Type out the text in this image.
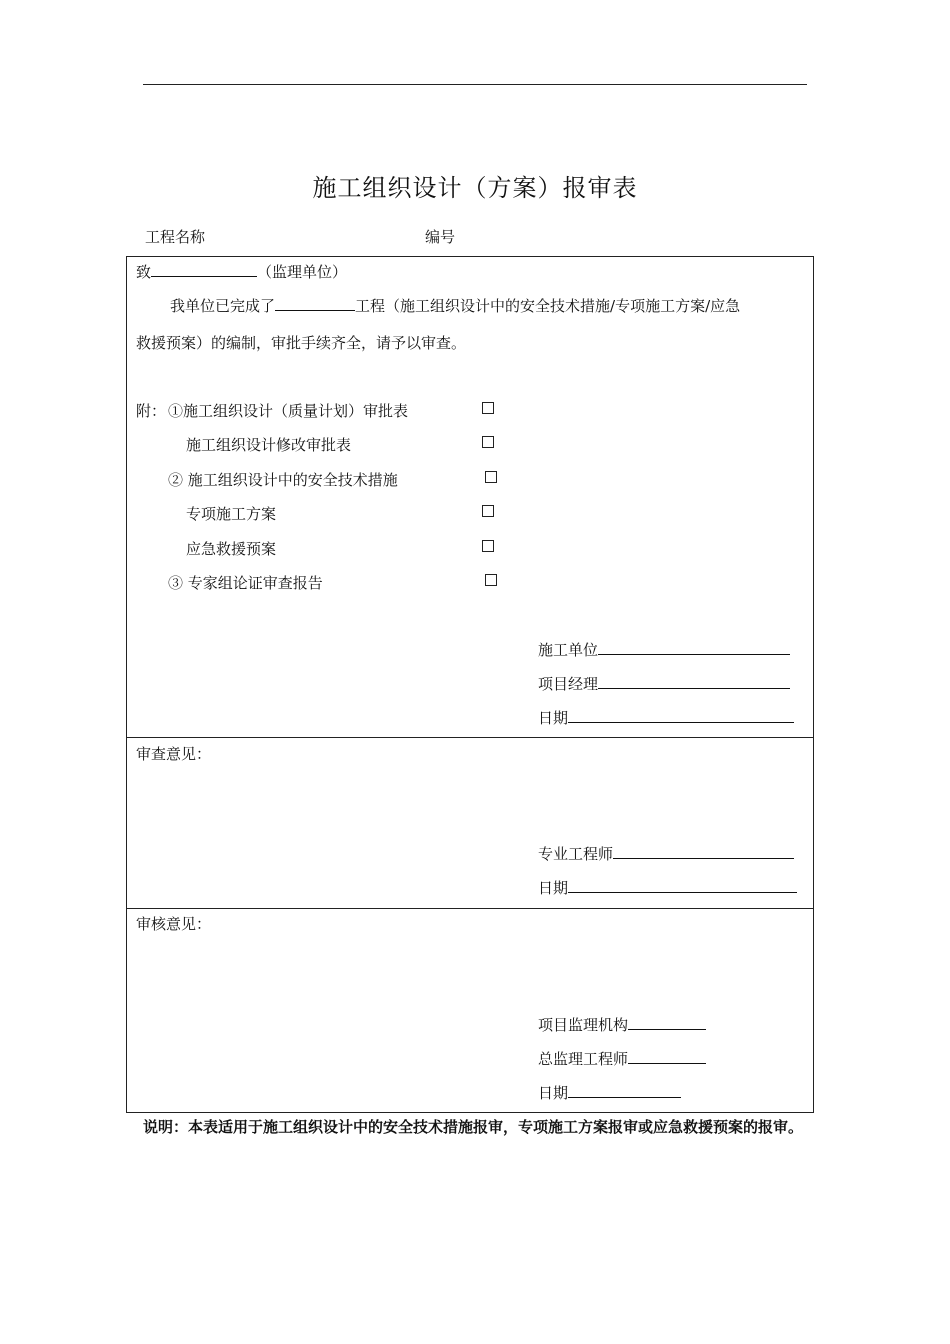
施工组织设计（方案）报审表
工程名称	编号
致	（监理单位）
我单位已完成了	工程（施工组织设计中的安全技术措施/专项施工方案/应急
救援预案）的编制，审批手续齐全，请予以审查。
附： ①施工组织设计（质量计划）审批表
施工组织设计修改审批表
② 施工组织设计中的安全技术措施
专项施工方案
应急救援预案
③ 专家组论证审查报告
施工单位
项目经理
日期
审查意见：
专业工程师
日期
审核意见：
项目监理机构
总监理工程师
日期
说明：本表适用于施工组织设计中的安全技术措施报审，专项施工方案报审或应急救援预案的报审。
